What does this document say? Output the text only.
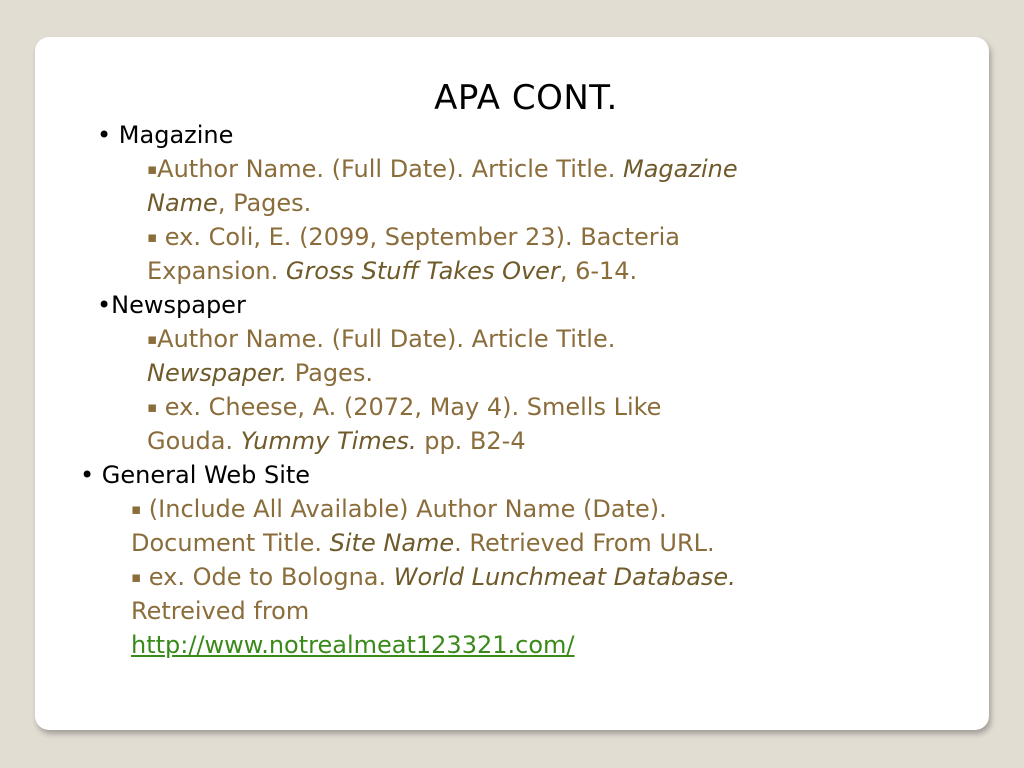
APA CONT.
• Magazine
▪Author Name. (Full Date). Article Title. Magazine
Name, Pages.
▪ ex. Coli, E. (2099, September 23). Bacteria
Expansion. Gross Stuff Takes Over, 6-14.
•Newspaper
▪Author Name. (Full Date). Article Title.
Newspaper. Pages.
▪ ex. Cheese, A. (2072, May 4). Smells Like
Gouda. Yummy Times. pp. B2-4
• General Web Site
▪ (Include All Available) Author Name (Date).
Document Title. Site Name. Retrieved From URL.
▪ ex. Ode to Bologna. World Lunchmeat Database.
Retreived from
http://www.notrealmeat123321.com/
